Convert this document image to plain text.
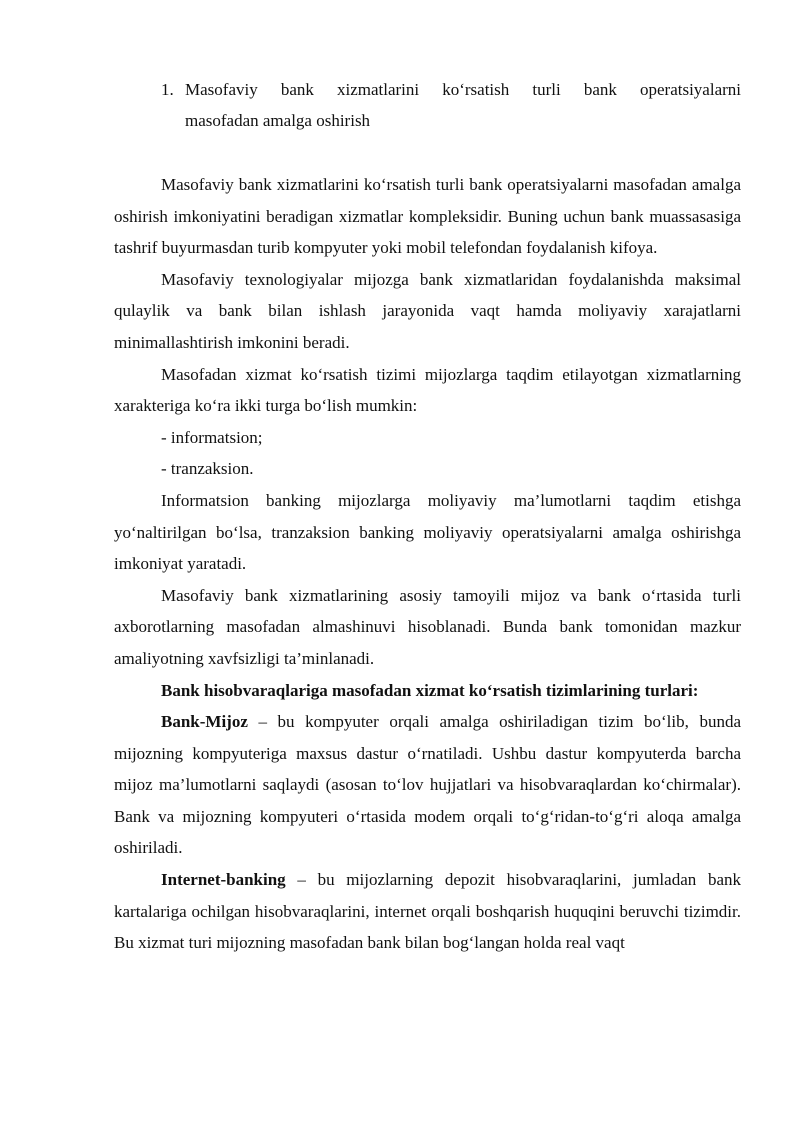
1. Masofaviy bank xizmatlarini ko‘rsatish turli bank operatsiyalarni
masofadan amalga oshirish

Masofaviy bank xizmatlarini ko‘rsatish turli bank operatsiyalarni masofadan amalga oshirish imkoniyatini beradigan xizmatlar kompleksidir. Buning uchun bank muassasasiga tashrif buyurmasdan turib kompyuter yoki mobil telefondan foydalanish kifoya.

Masofaviy texnologiyalar mijozga bank xizmatlaridan foydalanishda maksimal qulaylik va bank bilan ishlash jarayonida vaqt hamda moliyaviy xarajatlarni minimallashtirish imkonini beradi.

Masofadan xizmat ko‘rsatish tizimi mijozlarga taqdim etilayotgan xizmatlarning xarakteriga ko‘ra ikki turga bo‘lish mumkin:

- informatsion;

- tranzaksion.

Informatsion banking mijozlarga moliyaviy ma’lumotlarni taqdim etishga yo‘naltirilgan bo‘lsa, tranzaksion banking moliyaviy operatsiyalarni amalga oshirishga imkoniyat yaratadi.

Masofaviy bank xizmatlarining asosiy tamoyili mijoz va bank o‘rtasida turli axborotlarning masofadan almashinuvi hisoblanadi. Bunda bank tomonidan mazkur amaliyotning xavfsizligi ta’minlanadi.

Bank hisobvaraqlariga masofadan xizmat ko‘rsatish tizimlarining turlari:

Bank-Mijoz – bu kompyuter orqali amalga oshiriladigan tizim bo‘lib, bunda mijozning kompyuteriga maxsus dastur o‘rnatiladi. Ushbu dastur kompyuterda barcha mijoz ma’lumotlarni saqlaydi (asosan to‘lov hujjatlari va hisobvaraqlardan ko‘chirmalar). Bank va mijozning kompyuteri o‘rtasida modem orqali to‘g‘ridan-to‘g‘ri aloqa amalga oshiriladi.

Internet-banking – bu mijozlarning depozit hisobvaraqlarini, jumladan bank kartalariga ochilgan hisobvaraqlarini, internet orqali boshqarish huquqini beruvchi tizimdir. Bu xizmat turi mijozning masofadan bank bilan bog‘langan holda real vaqt
